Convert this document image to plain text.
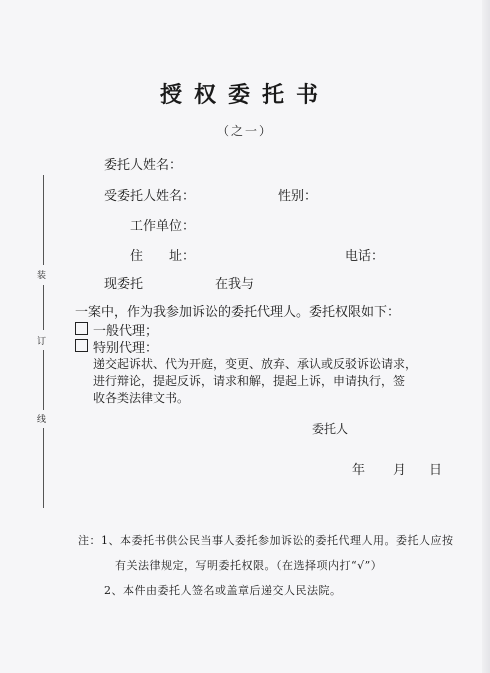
装
订
线
授权委托书
（之一）
委托人姓名：
受委托人姓名：	性别：
工作单位：
住　　址：	电话：
现委托	在我与
一案中，作为我参加诉讼的委托代理人。委托权限如下：
一般代理；
特别代理：
递交起诉状、代为开庭，变更、放弃、承认或反驳诉讼请求，
进行辩论，提起反诉，请求和解，提起上诉，申请执行，签
收各类法律文书。
委托人
年 月 日
注：1、本委托书供公民当事人委托参加诉讼的委托代理人用。委托人应按
有关法律规定，写明委托权限。（在选择项内打“√”）
2、本件由委托人签名或盖章后递交人民法院。
